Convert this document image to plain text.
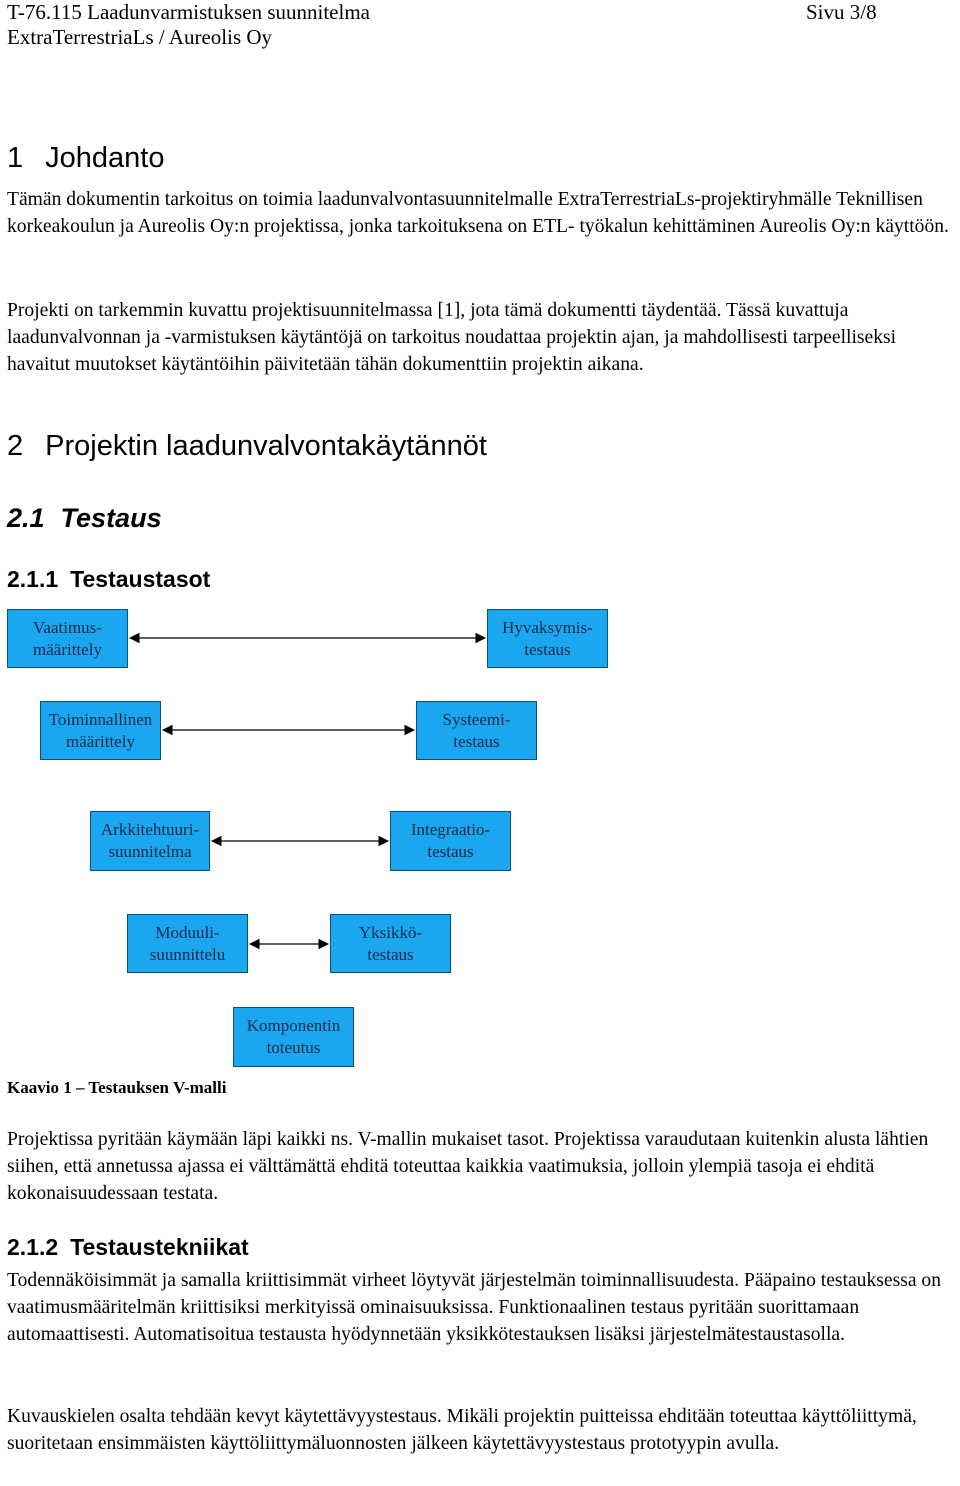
T-76.115 Laadunvarmistuksen suunnitelma	Sivu 3/8
ExtraTerrestriaLs / Aureolis Oy
1 Johdanto

Tämän dokumentin tarkoitus on toimia laadunvalvontasuunnitelmalle ExtraTerrestriaLs-projektiryhmälle Teknillisen korkeakoulun ja Aureolis Oy:n projektissa, jonka tarkoituksena on ETL- työkalun kehittäminen Aureolis Oy:n käyttöön.

Projekti on tarkemmin kuvattu projektisuunnitelmassa [1], jota tämä dokumentti täydentää. Tässä kuvattuja laadunvalvonnan ja -varmistuksen käytäntöjä on tarkoitus noudattaa projektin ajan, ja mahdollisesti tarpeelliseksi havaitut muutokset käytäntöihin päivitetään tähän dokumenttiin projektin aikana.

2 Projektin laadunvalvontakäytännöt
2.1 Testaus
2.1.1 Testaustasot
Vaatimus-
määrittely
Hyvaksymis-
testaus
Toiminnallinen
määrittely
Systeemi-
testaus
Arkkitehtuuri-
suunnitelma
Integraatio-
testaus
Moduuli-
suunnittelu
Yksikkö-
testaus
Komponentin
toteutus
Kaavio 1 – Testauksen V-malli

Projektissa pyritään käymään läpi kaikki ns. V-mallin mukaiset tasot. Projektissa varaudutaan kuitenkin alusta lähtien siihen, että annetussa ajassa ei välttämättä ehditä toteuttaa kaikkia vaatimuksia, jolloin ylempiä tasoja ei ehditä kokonaisuudessaan testata.

2.1.2 Testaustekniikat

Todennäköisimmät ja samalla kriittisimmät virheet löytyvät järjestelmän toiminnallisuudesta. Pääpaino testauksessa on vaatimusmääritelmän kriittisiksi merkityissä ominaisuuksissa. Funktionaalinen testaus pyritään suorittamaan automaattisesti. Automatisoitua testausta hyödynnetään yksikkötestauksen lisäksi järjestelmätestaustasolla.

Kuvauskielen osalta tehdään kevyt käytettävyystestaus. Mikäli projektin puitteissa ehditään toteuttaa käyttöliittymä, suoritetaan ensimmäisten käyttöliittymäluonnosten jälkeen käytettävyystestaus prototyypin avulla.
